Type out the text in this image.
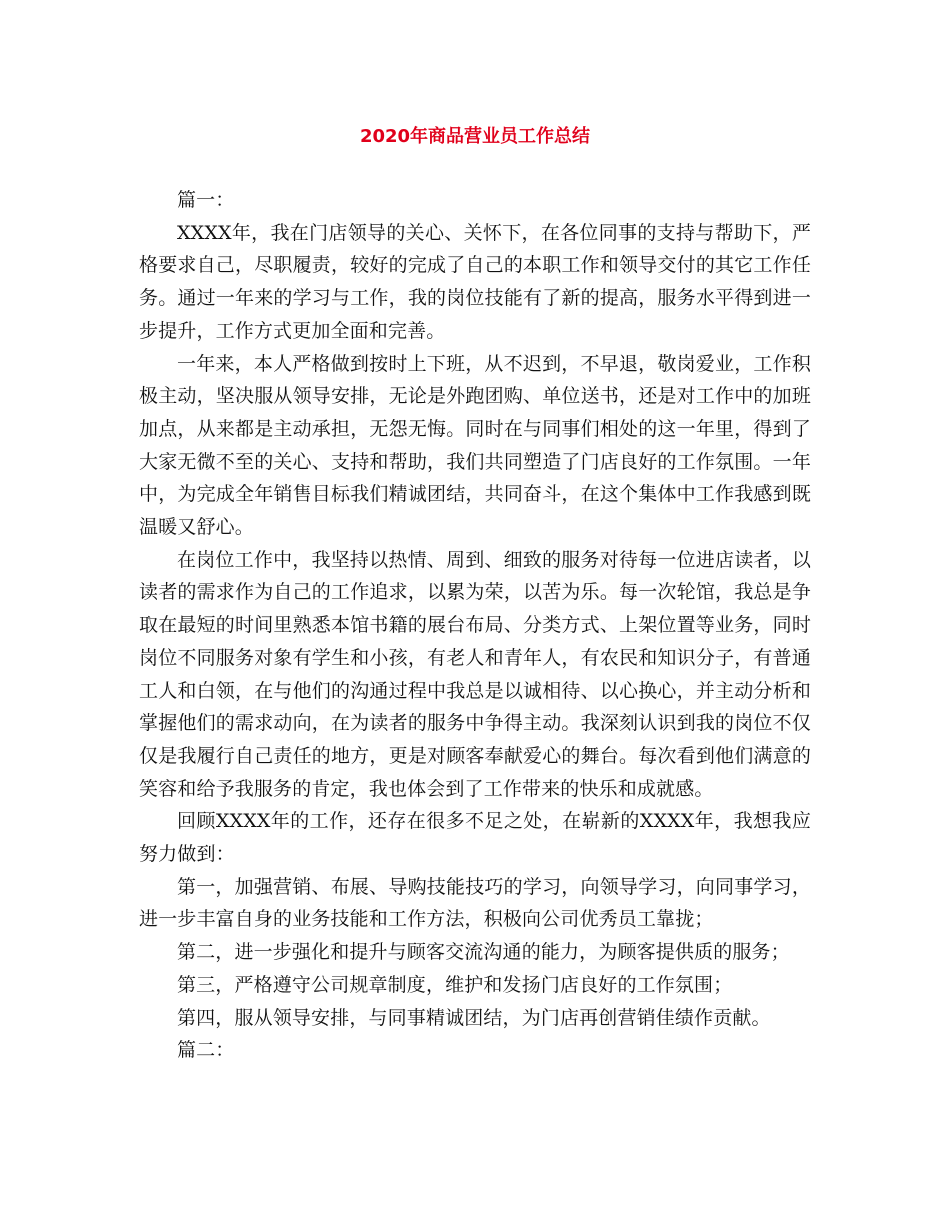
2020年商品营业员工作总结

篇一：

XXXX年，我在门店领导的关心、关怀下，在各位同事的支持与帮助下，严格要求自己，尽职履责，较好的完成了自己的本职工作和领导交付的其它工作任务。通过一年来的学习与工作，我的岗位技能有了新的提高，服务水平得到进一步提升，工作方式更加全面和完善。

一年来，本人严格做到按时上下班，从不迟到，不早退，敬岗爱业，工作积极主动，坚决服从领导安排，无论是外跑团购、单位送书，还是对工作中的加班加点，从来都是主动承担，无怨无悔。同时在与同事们相处的这一年里，得到了大家无微不至的关心、支持和帮助，我们共同塑造了门店良好的工作氛围。一年中，为完成全年销售目标我们精诚团结，共同奋斗，在这个集体中工作我感到既温暖又舒心。

在岗位工作中，我坚持以热情、周到、细致的服务对待每一位进店读者，以读者的需求作为自己的工作追求，以累为荣，以苦为乐。每一次轮馆，我总是争取在最短的时间里熟悉本馆书籍的展台布局、分类方式、上架位置等业务，同时岗位不同服务对象有学生和小孩，有老人和青年人，有农民和知识分子，有普通工人和白领，在与他们的沟通过程中我总是以诚相待、以心换心，并主动分析和掌握他们的需求动向，在为读者的服务中争得主动。我深刻认识到我的岗位不仅仅是我履行自己责任的地方，更是对顾客奉献爱心的舞台。每次看到他们满意的笑容和给予我服务的肯定，我也体会到了工作带来的快乐和成就感。

回顾XXXX年的工作，还存在很多不足之处，在崭新的XXXX年，我想我应努力做到：

第一，加强营销、布展、导购技能技巧的学习，向领导学习，向同事学习，进一步丰富自身的业务技能和工作方法，积极向公司优秀员工靠拢；

第二，进一步强化和提升与顾客交流沟通的能力，为顾客提供质的服务；

第三，严格遵守公司规章制度，维护和发扬门店良好的工作氛围；

第四，服从领导安排，与同事精诚团结，为门店再创营销佳绩作贡献。

篇二：
